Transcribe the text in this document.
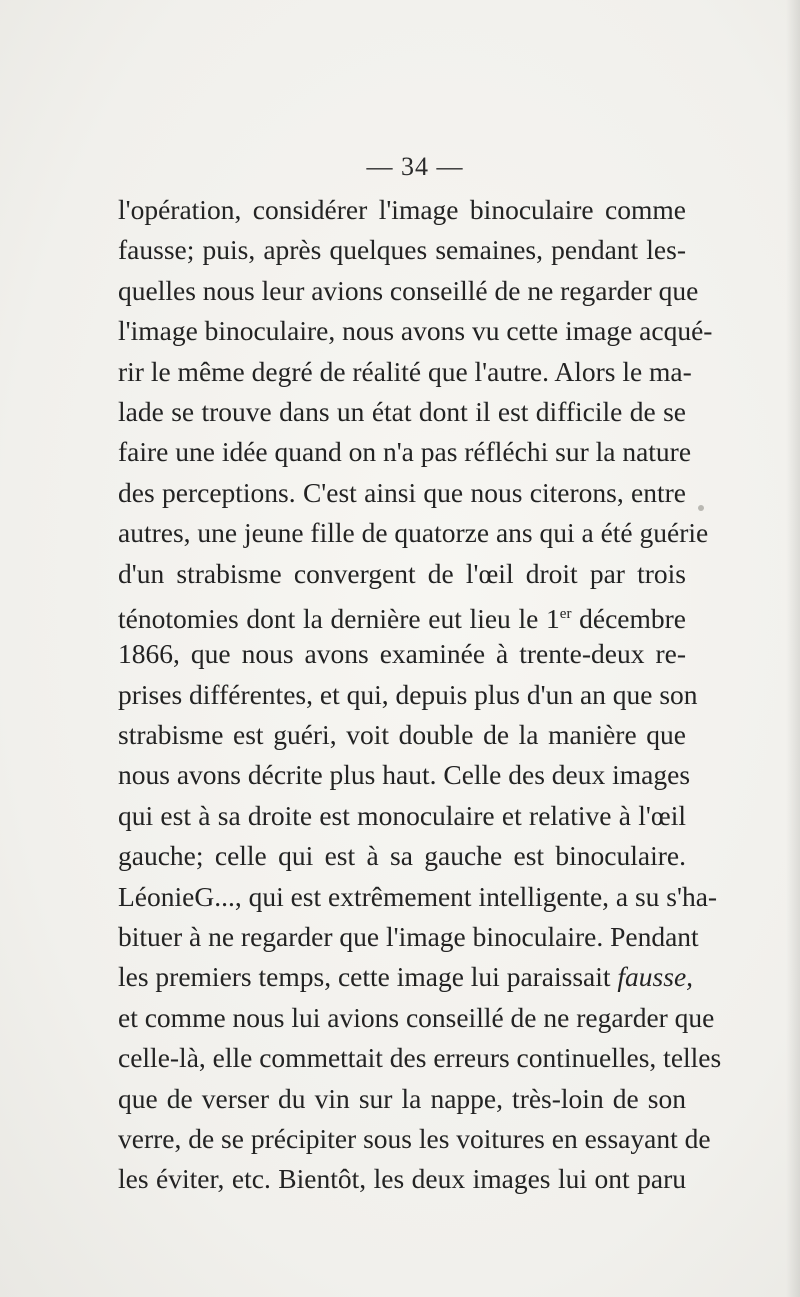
— 34 —
l'opération, considérer l'image binoculaire comme
fausse; puis, après quelques semaines, pendant les-
quelles nous leur avions conseillé de ne regarder que
l'image binoculaire, nous avons vu cette image acqué-
rir le même degré de réalité que l'autre. Alors le ma-
lade se trouve dans un état dont il est difficile de se
faire une idée quand on n'a pas réfléchi sur la nature
des perceptions. C'est ainsi que nous citerons, entre
autres, une jeune fille de quatorze ans qui a été guérie
d'un strabisme convergent de l'œil droit par trois
ténotomies dont la dernière eut lieu le 1er décembre
1866, que nous avons examinée à trente-deux re-
prises différentes, et qui, depuis plus d'un an que son
strabisme est guéri, voit double de la manière que
nous avons décrite plus haut. Celle des deux images
qui est à sa droite est monoculaire et relative à l'œil
gauche; celle qui est à sa gauche est binoculaire.
LéonieG..., qui est extrêmement intelligente, a su s'ha-
bituer à ne regarder que l'image binoculaire. Pendant
les premiers temps, cette image lui paraissait fausse,
et comme nous lui avions conseillé de ne regarder que
celle-là, elle commettait des erreurs continuelles, telles
que de verser du vin sur la nappe, très-loin de son
verre, de se précipiter sous les voitures en essayant de
les éviter, etc. Bientôt, les deux images lui ont paru
